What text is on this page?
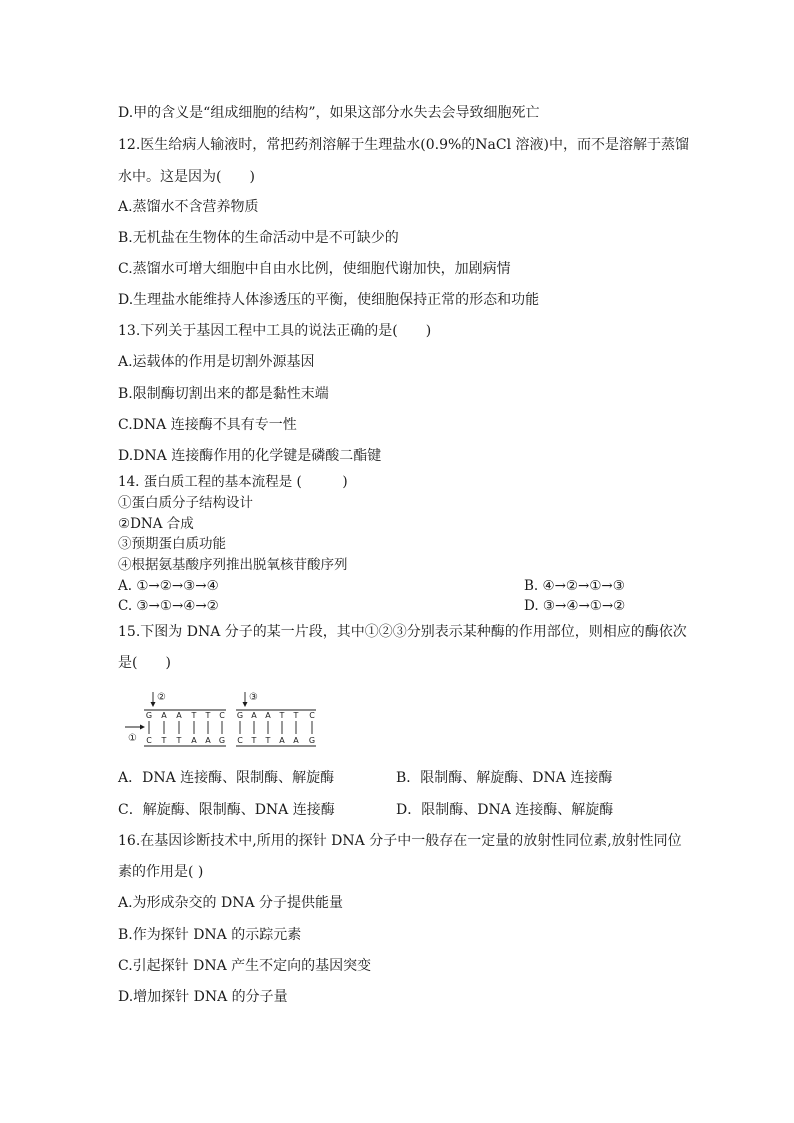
D.甲的含义是“组成细胞的结构”，如果这部分水失去会导致细胞死亡
12.医生给病人输液时，常把药剂溶解于生理盐水(0.9%的NaCl 溶液)中，而不是溶解于蒸馏
水中。这是因为(　　)
A.蒸馏水不含营养物质
B.无机盐在生物体的生命活动中是不可缺少的
C.蒸馏水可增大细胞中自由水比例，使细胞代谢加快，加剧病情
D.生理盐水能维持人体渗透压的平衡，使细胞保持正常的形态和功能
13.下列关于基因工程中工具的说法正确的是(　　)
A.运载体的作用是切割外源基因
B.限制酶切割出来的都是黏性末端
C.DNA 连接酶不具有专一性
D.DNA 连接酶作用的化学键是磷酸二酯键
14. 蛋白质工程的基本流程是 (　　　)
①蛋白质分子结构设计
②DNA 合成
③预期蛋白质功能
④根据氨基酸序列推出脱氧核苷酸序列
A. ①→②→③→④	B. ④→②→①→③
C. ③→①→④→②	D. ③→④→①→②
15.下图为 DNA 分子的某一片段，其中①②③分别表示某种酶的作用部位，则相应的酶依次
是(　　)
G A A T T C
C T T A A G
G A A T T C
C T T A A G
②	③
①
A．DNA 连接酶、限制酶、解旋酶	B．限制酶、解旋酶、DNA 连接酶
C．解旋酶、限制酶、DNA 连接酶	D．限制酶、DNA 连接酶、解旋酶
16.在基因诊断技术中,所用的探针 DNA 分子中一般存在一定量的放射性同位素,放射性同位
素的作用是( )
A.为形成杂交的 DNA 分子提供能量
B.作为探针 DNA 的示踪元素
C.引起探针 DNA 产生不定向的基因突变
D.增加探针 DNA 的分子量
